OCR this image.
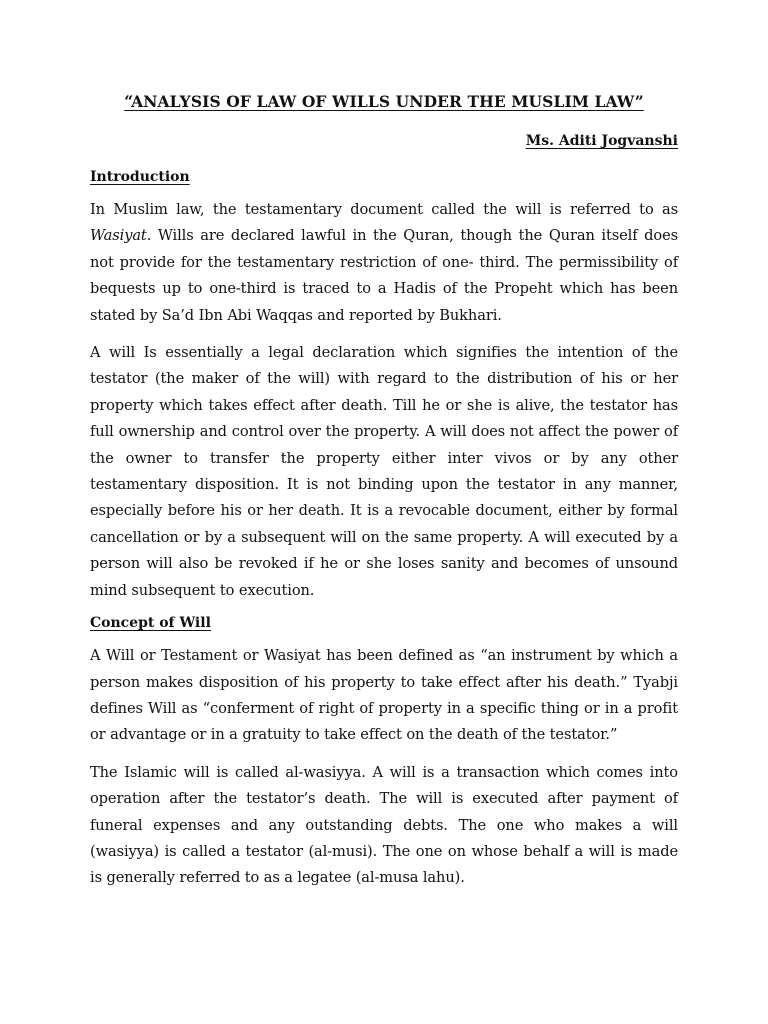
“ANALYSIS OF LAW OF WILLS UNDER THE MUSLIM LAW”
Ms. Aditi Jogvanshi
Introduction

In Muslim law, the testamentary document called the will is referred to as Wasiyat. Wills are declared lawful in the Quran, though the Quran itself does not provide for the testamentary restriction of one- third. The permissibility of bequests up to one-third is traced to a Hadis of the Propeht which has been stated by Sa’d Ibn Abi Waqqas and reported by Bukhari.

A will Is essentially a legal declaration which signifies the intention of the testator (the maker of the will) with regard to the distribution of his or her property which takes effect after death. Till he or she is alive, the testator has full ownership and control over the property. A will does not affect the power of the owner to transfer the property either inter vivos or by any other testamentary disposition. It is not binding upon the testator in any manner, especially before his or her death. It is a revocable document, either by formal cancellation or by a subsequent will on the same property. A will executed by a person will also be revoked if he or she loses sanity and becomes of unsound mind subsequent to execution.

Concept of Will

A Will or Testament or Wasiyat has been defined as “an instrument by which a person makes disposition of his property to take effect after his death.” Tyabji defines Will as “conferment of right of property in a specific thing or in a profit or advantage or in a gratuity to take effect on the death of the testator.”

The Islamic will is called al-wasiyya. A will is a transaction which comes into operation after the testator’s death. The will is executed after payment of funeral expenses and any outstanding debts. The one who makes a will (wasiyya) is called a testator (al-musi). The one on whose behalf a will is made is generally referred to as a legatee (al-musa lahu).
